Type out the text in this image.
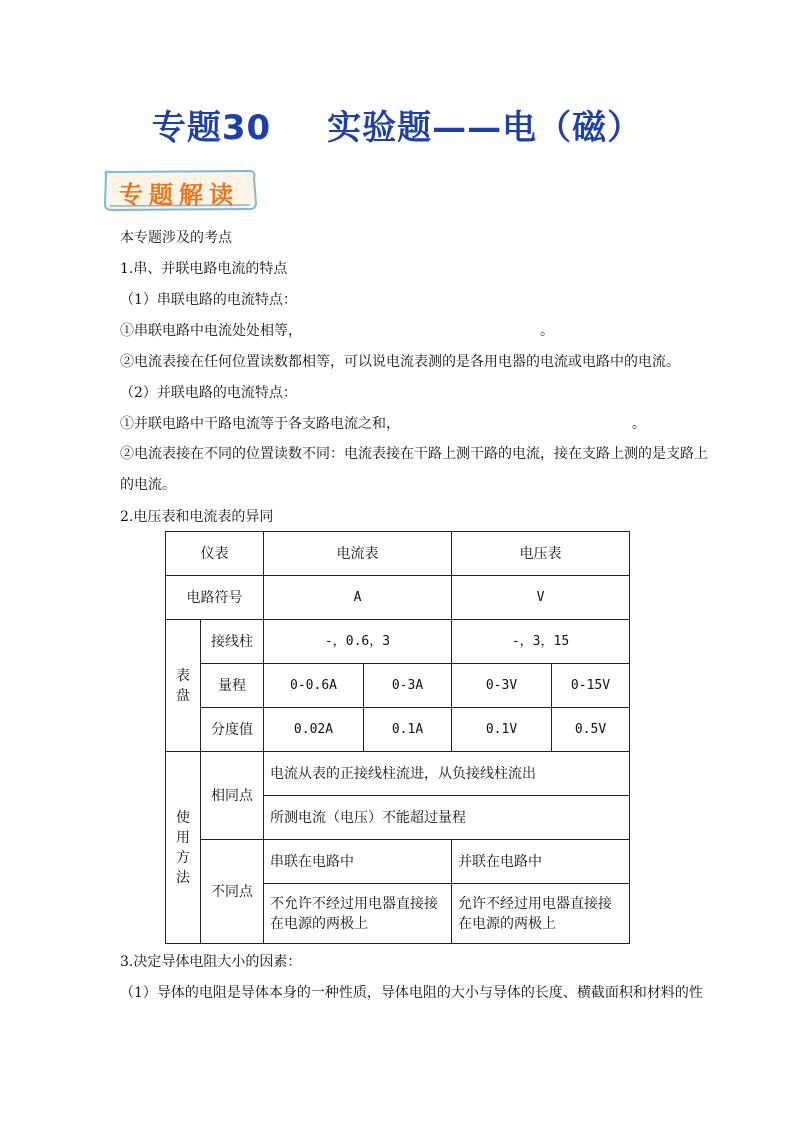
专题30 实验题——电（磁）
专题解读
本专题涉及的考点
1.串、并联电路电流的特点
（1）串联电路的电流特点：
①串联电路中电流处处相等，	。
②电流表接在任何位置读数都相等，可以说电流表测的是各用电器的电流或电路中的电流。
（2）并联电路的电流特点：
①并联电路中干路电流等于各支路电流之和，	。
②电流表接在不同的位置读数不同：电流表接在干路上测干路的电流，接在支路上测的是支路上的电流。
2.电压表和电流表的异同
仪表		电流表		电压表	
电路符号		A		V	
表盘	接线柱	-，0.6，3		-，3，15	
	量程	0-0.6A	0-3A	0-3V	0-15V
	分度值	0.02A	0.1A	0.1V	0.5V
使用方法	相同点	电流从表的正接线柱流进，从负接线柱流出			
		所测电流（电压）不能超过量程			
	不同点	串联在电路中		并联在电路中	
		不允许不经过用电器直接接在电源的两极上		允许不经过用电器直接接在电源的两极上	
3.决定导体电阻大小的因素：
（1）导体的电阻是导体本身的一种性质，导体电阻的大小与导体的长度、横截面积和材料的性
